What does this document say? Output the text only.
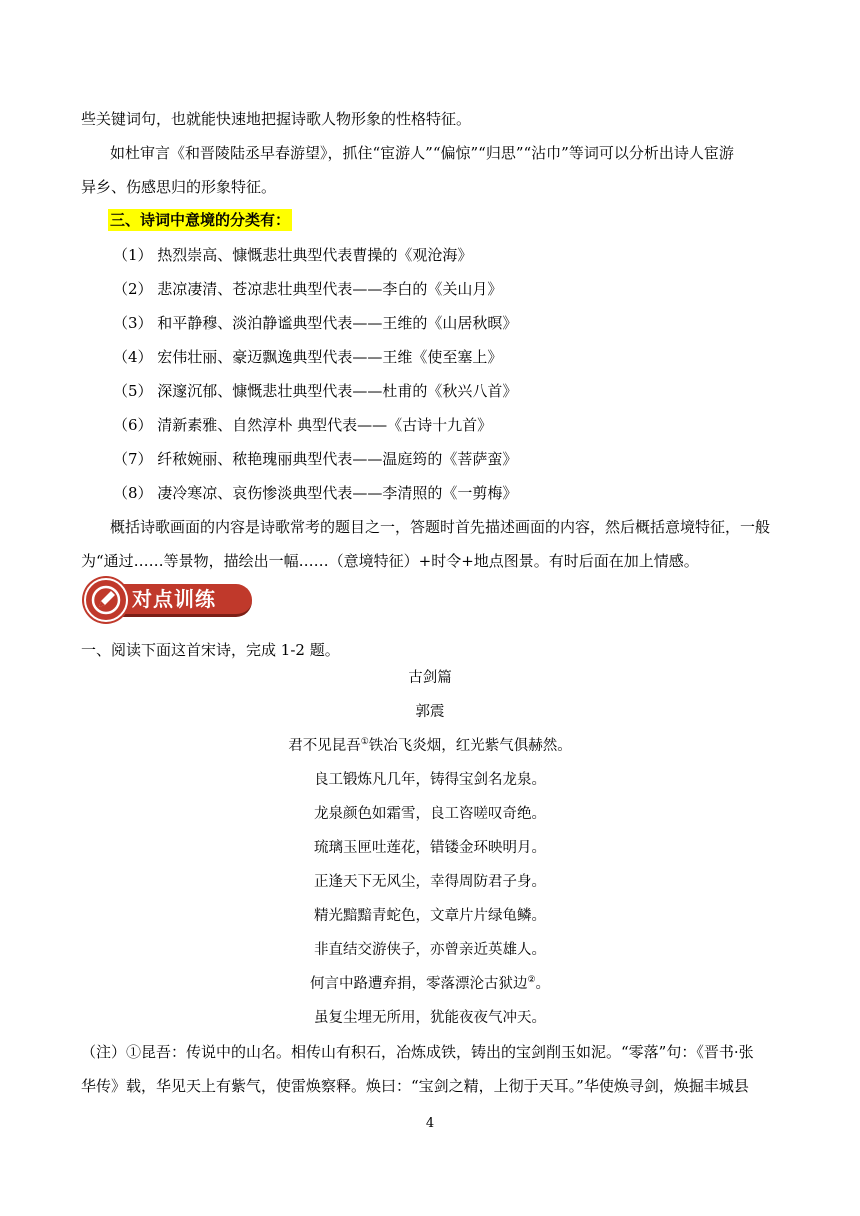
些关键词句，也就能快速地把握诗歌人物形象的性格特征。
如杜审言《和晋陵陆丞早春游望》，抓住“宦游人”“偏惊”“归思”“沾巾”等词可以分析出诗人宦游
异乡、伤感思归的形象特征。
三、诗词中意境的分类有：
（1） 热烈崇高、慷慨悲壮典型代表曹操的《观沧海》
（2） 悲凉凄清、苍凉悲壮典型代表——李白的《关山月》
（3） 和平静穆、淡泊静谧典型代表——王维的《山居秋暝》
（4） 宏伟壮丽、豪迈飘逸典型代表——王维《使至塞上》
（5） 深邃沉郁、慷慨悲壮典型代表——杜甫的《秋兴八首》
（6） 清新素雅、自然淳朴 典型代表——《古诗十九首》
（7） 纤秾婉丽、秾艳瑰丽典型代表——温庭筠的《菩萨蛮》
（8） 凄冷寒凉、哀伤惨淡典型代表——李清照的《一剪梅》
概括诗歌画面的内容是诗歌常考的题目之一，答题时首先描述画面的内容，然后概括意境特征，一般
为“通过……等景物，描绘出一幅……（意境特征）+时令+地点图景。有时后面在加上情感。
对点训练
一、阅读下面这首宋诗，完成 1-2 题。
古剑篇
郭震
君不见昆吾①铁冶飞炎烟，红光紫气俱赫然。
良工锻炼凡几年，铸得宝剑名龙泉。
龙泉颜色如霜雪，良工咨嗟叹奇绝。
琉璃玉匣吐莲花，错镂金环映明月。
正逢天下无风尘，幸得周防君子身。
精光黯黯青蛇色，文章片片绿龟鳞。
非直结交游侠子，亦曾亲近英雄人。
何言中路遭弃捐，零落漂沦古狱边②。
虽复尘埋无所用，犹能夜夜气冲天。
（注）①昆吾：传说中的山名。相传山有积石，冶炼成铁，铸出的宝剑削玉如泥。“零落”句：《晋书·张
华传》载，华见天上有紫气，使雷焕察释。焕曰：“宝剑之精，上彻于天耳。”华使焕寻剑，焕掘丰城县
4
